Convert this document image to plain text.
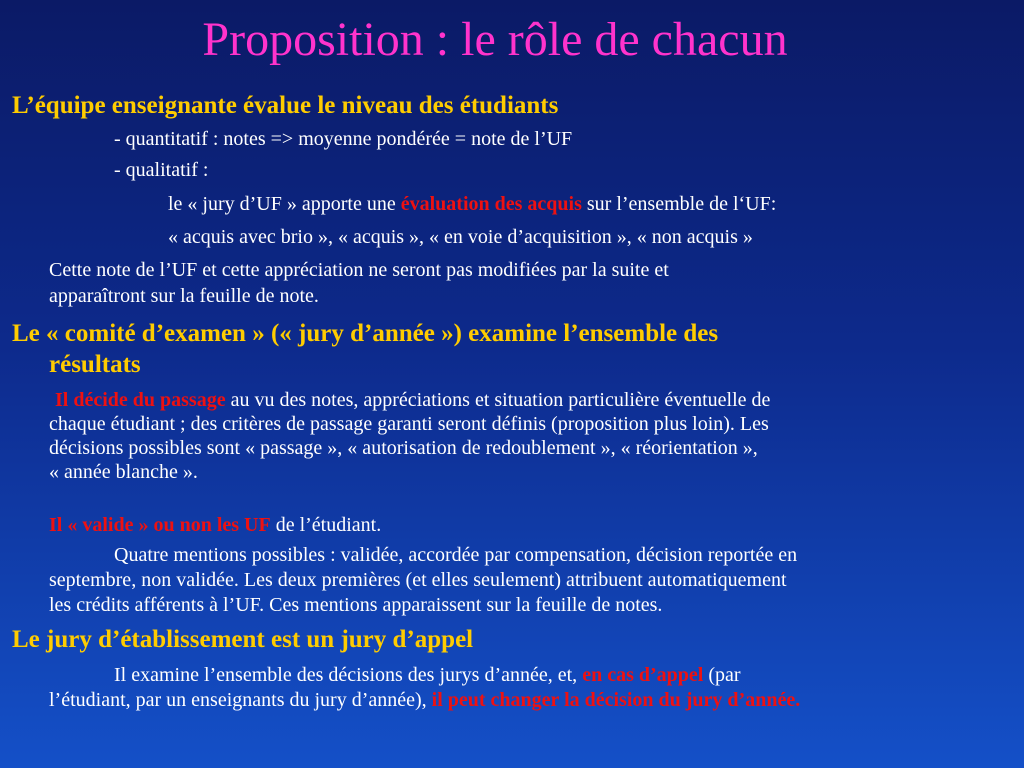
Proposition : le rôle de chacun
L’équipe enseignante évalue le niveau des étudiants
- quantitatif : notes => moyenne pondérée = note de l’UF
- qualitatif :
le « jury d’UF » apporte une évaluation des acquis sur l’ensemble de l‘UF:
« acquis avec brio », « acquis », « en voie d’acquisition », « non acquis »
Cette note de l’UF et cette appréciation ne seront pas modifiées par la suite et
apparaîtront sur la feuille de note.
Le « comité d’examen » (« jury d’année ») examine l’ensemble des
résultats
Il décide du passage au vu des notes, appréciations et situation particulière éventuelle de
chaque étudiant ; des critères de passage garanti seront définis (proposition plus loin). Les
décisions possibles sont « passage », « autorisation de redoublement », « réorientation »,
« année blanche ».
Il « valide » ou non les UF de l’étudiant.
Quatre mentions possibles : validée, accordée par compensation, décision reportée en
septembre, non validée. Les deux premières (et elles seulement) attribuent automatiquement
les crédits afférents à l’UF. Ces mentions apparaissent sur la feuille de notes.
Le jury d’établissement est un jury d’appel
Il examine l’ensemble des décisions des jurys d’année, et, en cas d’appel (par
l’étudiant, par un enseignants du jury d’année), il peut changer la décision du jury d’année.
